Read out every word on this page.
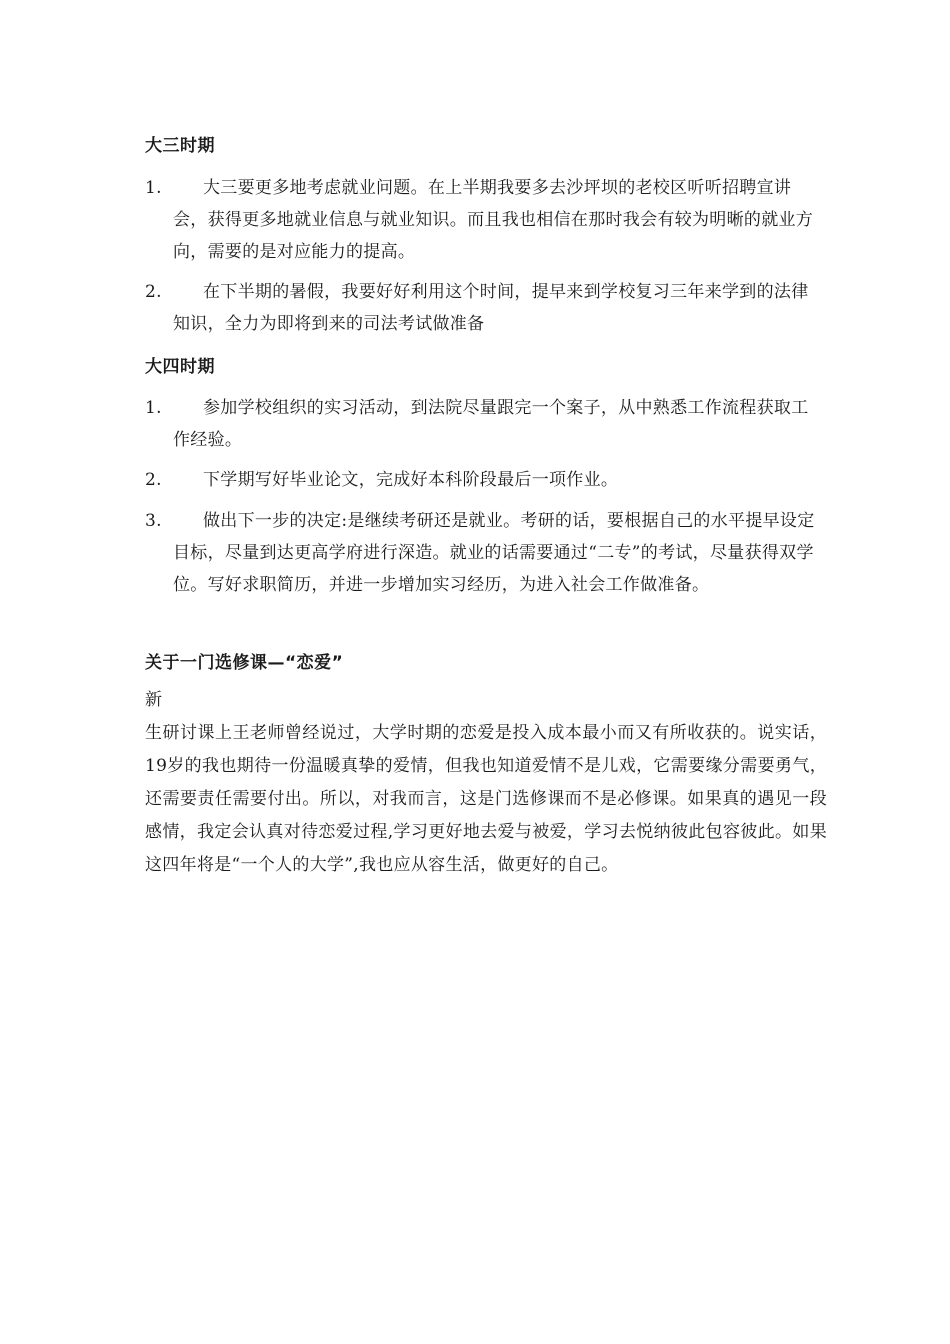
大三时期
1.	大三要更多地考虑就业问题。在上半期我要多去沙坪坝的老校区听听招聘宣讲会，获得更多地就业信息与就业知识。而且我也相信在那时我会有较为明晰的就业方向，需要的是对应能力的提高。
2.	在下半期的暑假，我要好好利用这个时间，提早来到学校复习三年来学到的法律知识，全力为即将到来的司法考试做准备
大四时期
1.	参加学校组织的实习活动，到法院尽量跟完一个案子，从中熟悉工作流程获取工作经验。
2.	下学期写好毕业论文，完成好本科阶段最后一项作业。
3.	做出下一步的决定:是继续考研还是就业。考研的话，要根据自己的水平提早设定目标，尽量到达更高学府进行深造。就业的话需要通过“二专”的考试，尽量获得双学位。写好求职简历，并进一步增加实习经历，为进入社会工作做准备。
关于一门选修课—“恋爱”
新
生研讨课上王老师曾经说过，大学时期的恋爱是投入成本最小而又有所收获的。说实话，19岁的我也期待一份温暖真挚的爱情，但我也知道爱情不是儿戏，它需要缘分需要勇气，还需要责任需要付出。所以，对我而言，这是门选修课而不是必修课。如果真的遇见一段感情，我定会认真对待恋爱过程,学习更好地去爱与被爱，学习去悦纳彼此包容彼此。如果这四年将是“一个人的大学”,我也应从容生活，做更好的自己。
